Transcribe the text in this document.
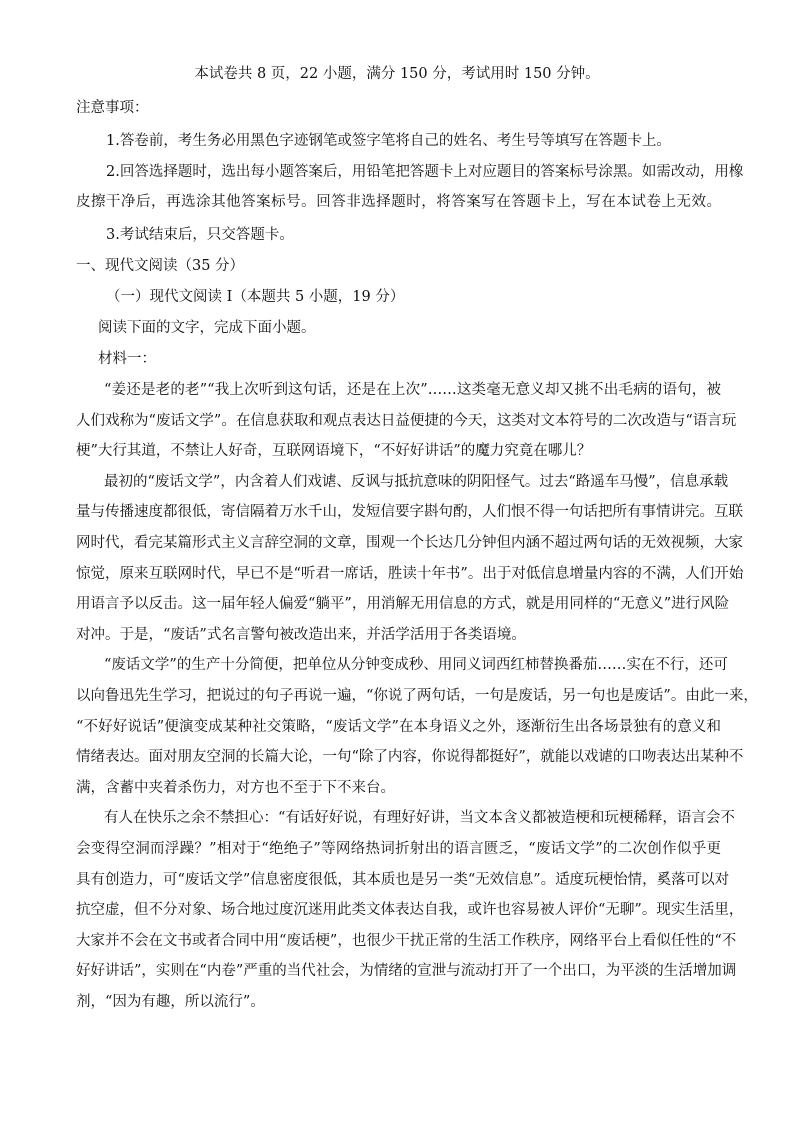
本试卷共 8 页，22 小题，满分 150 分，考试用时 150 分钟。
注意事项：
1.答卷前，考生务必用黑色字迹钢笔或签字笔将自己的姓名、考生号等填写在答题卡上。
2.回答选择题时，选出每小题答案后，用铅笔把答题卡上对应题目的答案标号涂黑。如需改动，用橡
皮擦干净后，再选涂其他答案标号。回答非选择题时，将答案写在答题卡上，写在本试卷上无效。
3.考试结束后，只交答题卡。
一、现代文阅读（35 分）
（一）现代文阅读 I（本题共 5 小题，19 分）
阅读下面的文字，完成下面小题。
材料一：
“姜还是老的老”“我上次听到这句话，还是在上次”……这类毫无意义却又挑不出毛病的语句，被
人们戏称为“废话文学”。在信息获取和观点表达日益便捷的今天，这类对文本符号的二次改造与“语言玩
梗”大行其道，不禁让人好奇，互联网语境下，“不好好讲话”的魔力究竟在哪儿？
最初的“废话文学”，内含着人们戏谑、反讽与抵抗意味的阴阳怪气。过去“路遥车马慢”，信息承载
量与传播速度都很低，寄信隔着万水千山，发短信要字斟句酌，人们恨不得一句话把所有事情讲完。互联
网时代，看完某篇形式主义言辞空洞的文章，围观一个长达几分钟但内涵不超过两句话的无效视频，大家
惊觉，原来互联网时代，早已不是“听君一席话，胜读十年书”。出于对低信息增量内容的不满，人们开始
用语言予以反击。这一届年轻人偏爱“躺平”，用消解无用信息的方式，就是用同样的“无意义”进行风险
对冲。于是，“废话”式名言警句被改造出来，并活学活用于各类语境。
“废话文学”的生产十分简便，把单位从分钟变成秒、用同义词西红柿替换番茄……实在不行，还可
以向鲁迅先生学习，把说过的句子再说一遍，“你说了两句话，一句是废话，另一句也是废话”。由此一来，
“不好好说话”便演变成某种社交策略，“废话文学”在本身语义之外，逐渐衍生出各场景独有的意义和
情绪表达。面对朋友空洞的长篇大论，一句“除了内容，你说得都挺好”，就能以戏谑的口吻表达出某种不
满，含蓄中夹着杀伤力，对方也不至于下不来台。
有人在快乐之余不禁担心：“有话好好说，有理好好讲，当文本含义都被造梗和玩梗稀释，语言会不
会变得空洞而浮躁？”相对于“绝绝子”等网络热词折射出的语言匮乏，“废话文学”的二次创作似乎更
具有创造力，可“废话文学”信息密度很低，其本质也是另一类“无效信息”。适度玩梗怡情，奚落可以对
抗空虚，但不分对象、场合地过度沉迷用此类文体表达自我，或许也容易被人评价“无聊”。现实生活里，
大家并不会在文书或者合同中用“废话梗”，也很少干扰正常的生活工作秩序，网络平台上看似任性的“不
好好讲话”，实则在“内卷”严重的当代社会，为情绪的宣泄与流动打开了一个出口，为平淡的生活增加调
剂，“因为有趣，所以流行”。
